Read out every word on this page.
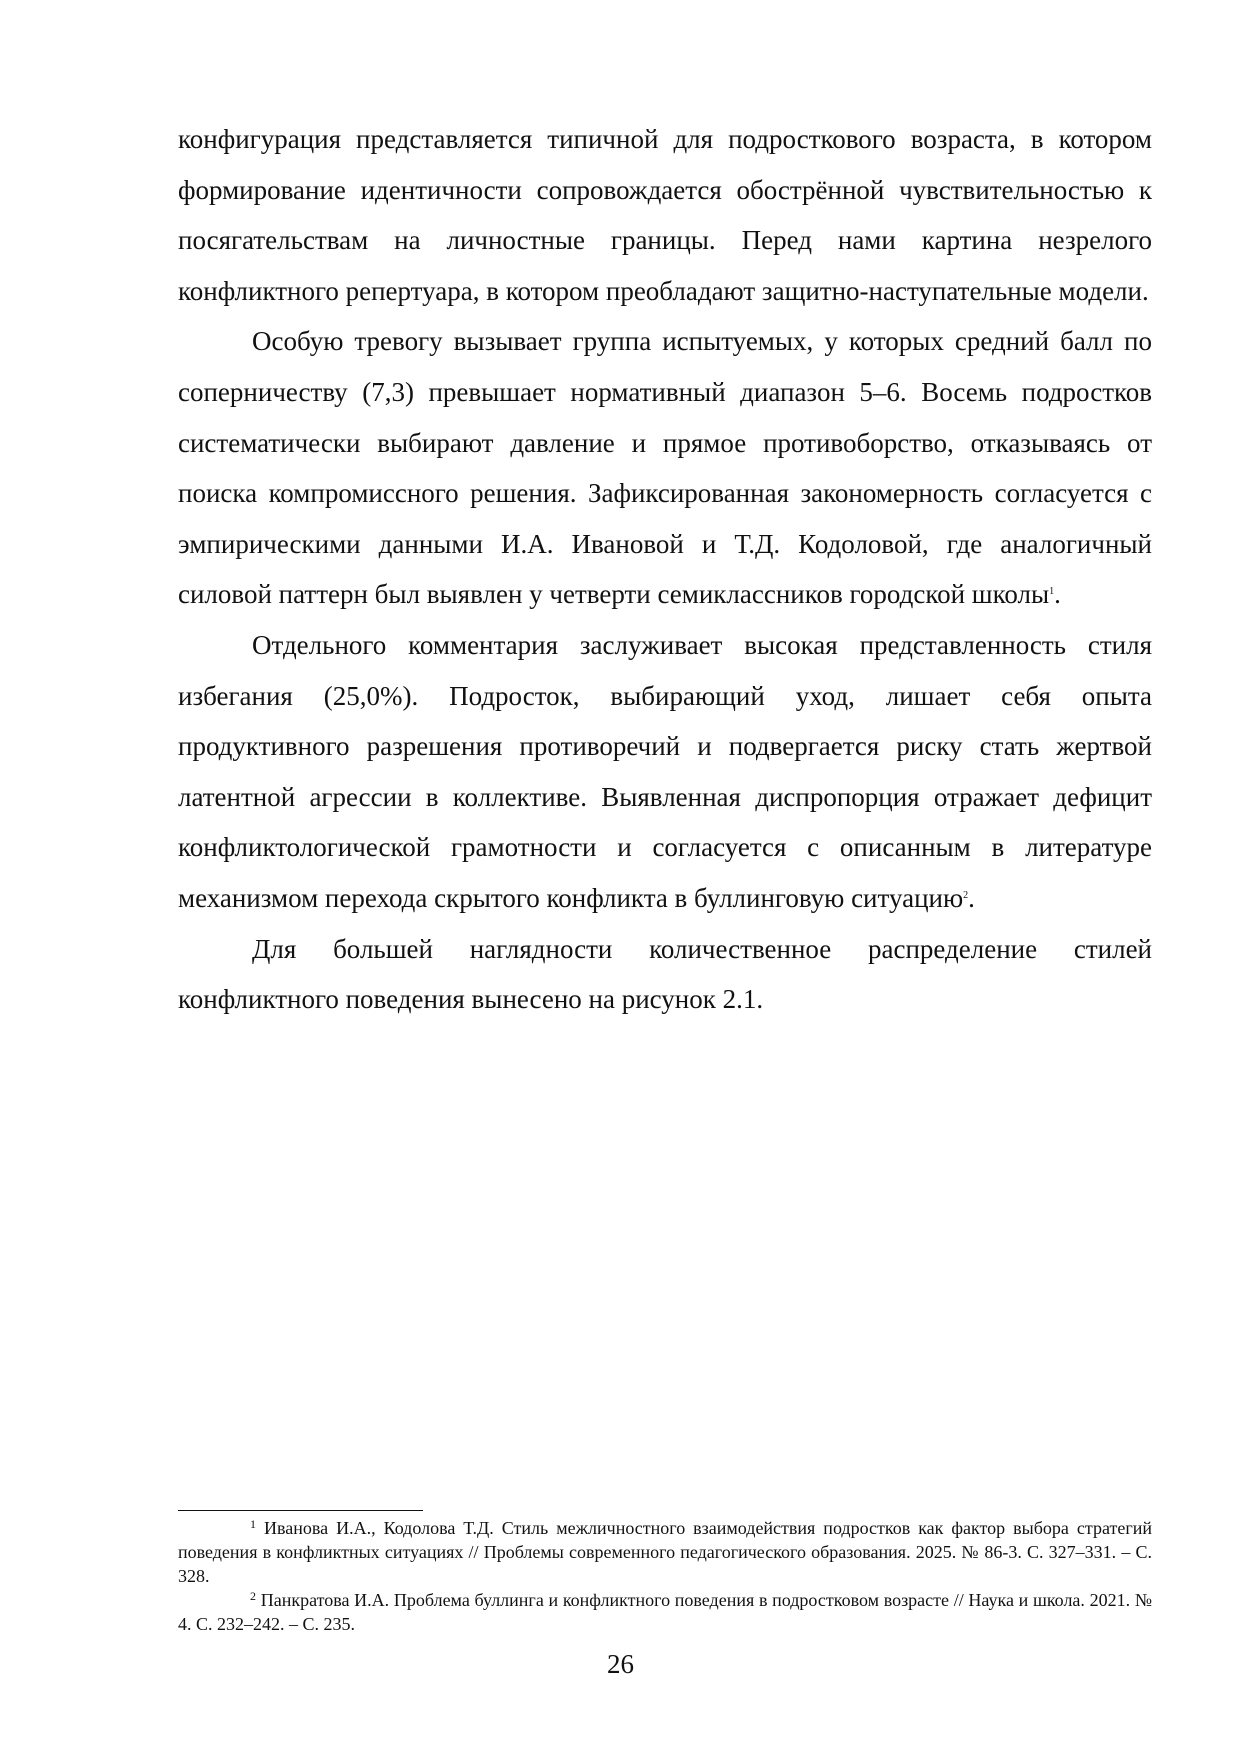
конфигурация представляется типичной для подросткового возраста, в котором формирование идентичности сопровождается обострённой чувствительностью к посягательствам на личностные границы. Перед нами картина незрелого конфликтного репертуара, в котором преобладают защитно-наступательные модели.

Особую тревогу вызывает группа испытуемых, у которых средний балл по соперничеству (7,3) превышает нормативный диапазон 5–6. Восемь подростков систематически выбирают давление и прямое противоборство, отказываясь от поиска компромиссного решения. Зафиксированная закономерность согласуется с эмпирическими данными И.А. Ивановой и Т.Д. Кодоловой, где аналогичный силовой паттерн был выявлен у четверти семиклассников городской школы$^1$.

Отдельного комментария заслуживает высокая представленность стиля избегания (25,0%). Подросток, выбирающий уход, лишает себя опыта продуктивного разрешения противоречий и подвергается риску стать жертвой латентной агрессии в коллективе. Выявленная диспропорция отражает дефицит конфликтологической грамотности и согласуется с описанным в литературе механизмом перехода скрытого конфликта в буллинговую ситуацию$^2$.

Для большей наглядности количественное распределение стилей конфликтного поведения вынесено на рисунок 2.1.

$^1$ Иванова И.А., Кодолова Т.Д. Стиль межличностного взаимодействия подростков как фактор выбора стратегий поведения в конфликтных ситуациях // Проблемы современного педагогического образования. 2025. № 86-3. С. 327–331. – С. 328.

$^2$ Панкратова И.А. Проблема буллинга и конфликтного поведения в подростковом возрасте // Наука и школа. 2021. № 4. С. 232–242. – С. 235.

26
